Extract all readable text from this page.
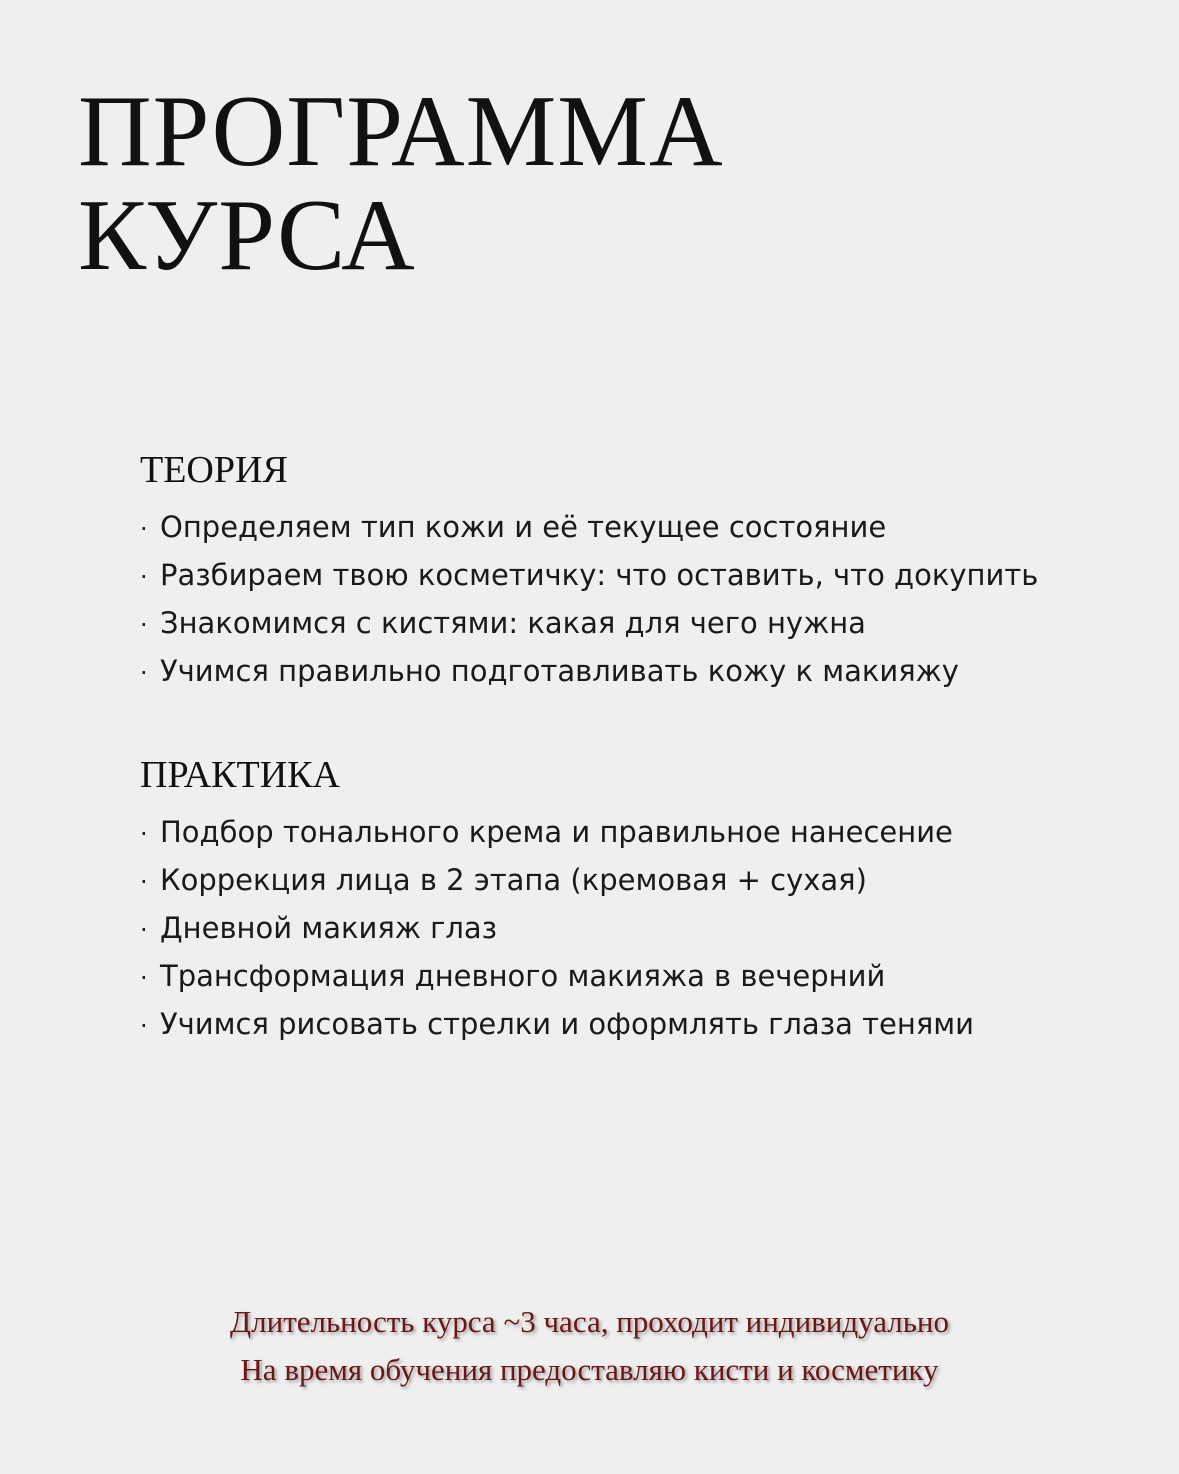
ПРОГРАММА
КУРСА
ТЕОРИЯ
· Определяем тип кожи и её текущее состояние
· Разбираем твою косметичку: что оставить, что докупить
· Знакомимся с кистями: какая для чего нужна
· Учимся правильно подготавливать кожу к макияжу
ПРАКТИКА
· Подбор тонального крема и правильное нанесение
· Коррекция лица в 2 этапа (кремовая + сухая)
· Дневной макияж глаз
· Трансформация дневного макияжа в вечерний
· Учимся рисовать стрелки и оформлять глаза тенями
Длительность курса ~3 часа, проходит индивидуально
На время обучения предоставляю кисти и косметику
